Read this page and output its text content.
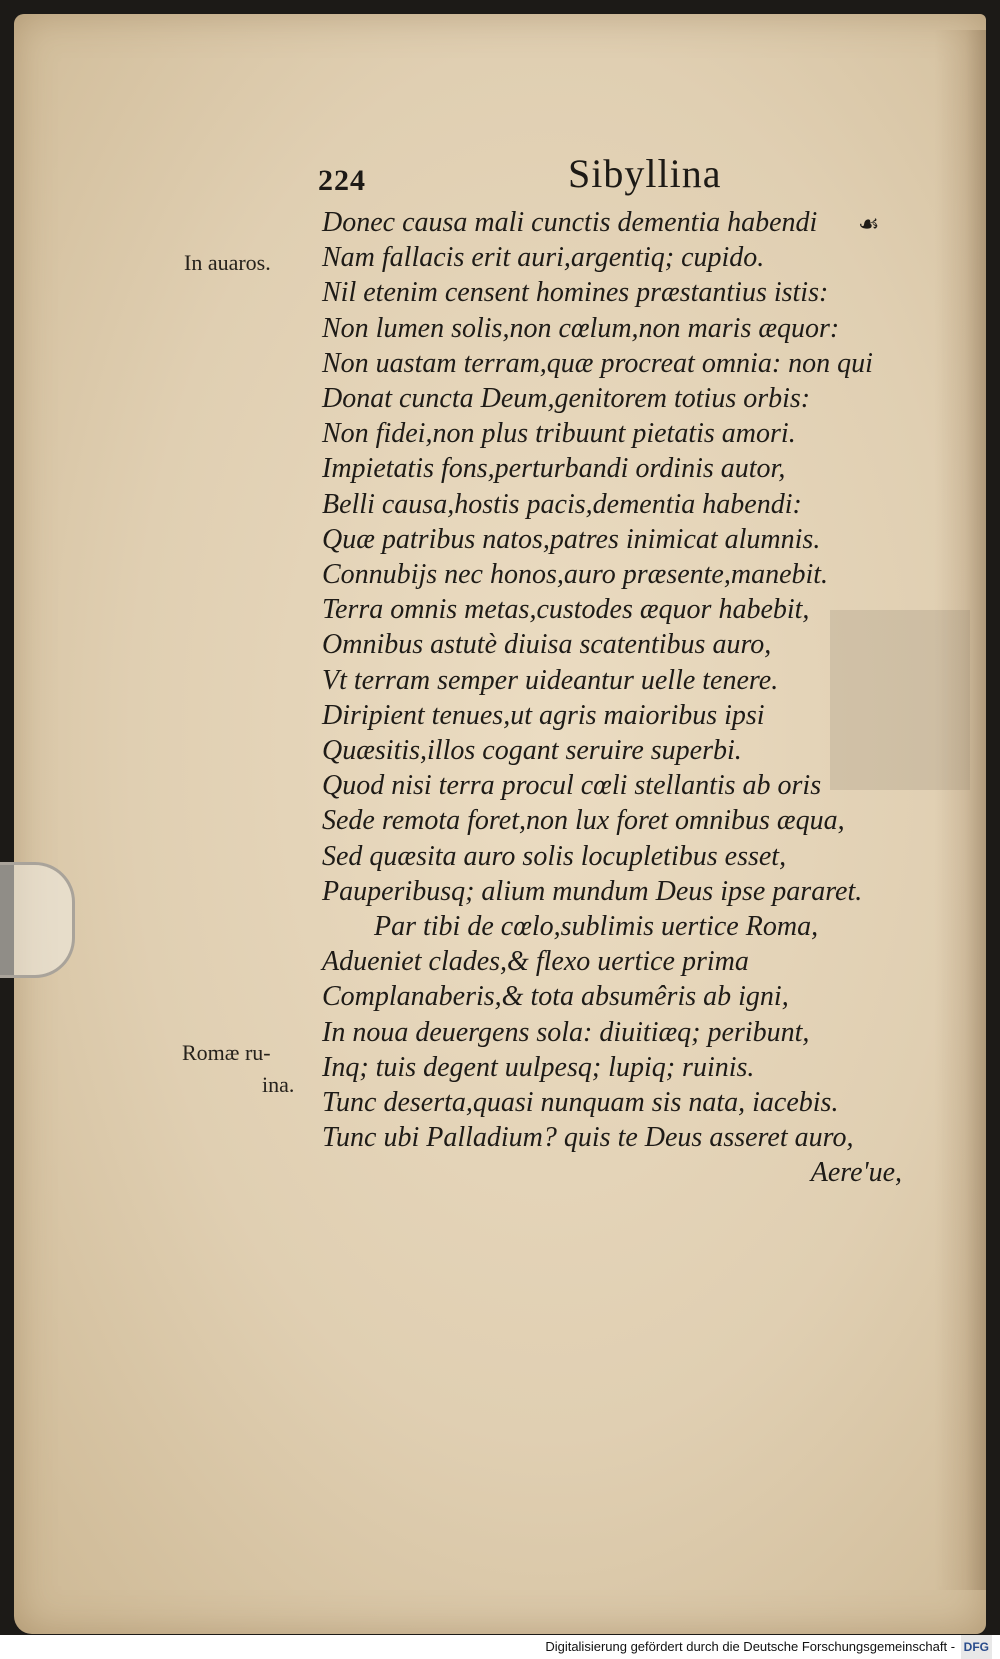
224	Sibyllina
☙
In auaros.
Romæ ru-
ina.
Donec causa mali cunctis dementia habendi
Nam fallacis erit auri,argentiq; cupido.
Nil etenim censent homines præstantius istis:
Non lumen solis,non cœlum,non maris æquor:
Non uastam terram,quæ procreat omnia: non qui
Donat cuncta Deum,genitorem totius orbis:
Non fidei,non plus tribuunt pietatis amori.
Impietatis fons,perturbandi ordinis autor,
Belli causa,hostis pacis,dementia habendi:
Quæ patribus natos,patres inimicat alumnis.
Connubijs nec honos,auro præsente,manebit.
Terra omnis metas,custodes æquor habebit,
Omnibus astutè diuisa scatentibus auro,
Vt terram semper uideantur uelle tenere.
Diripient tenues,ut agris maioribus ipsi
Quæsitis,illos cogant seruire superbi.
Quod nisi terra procul cœli stellantis ab oris
Sede remota foret,non lux foret omnibus æqua,
Sed quæsita auro solis locupletibus esset,
Pauperibusq; alium mundum Deus ipse pararet.
Par tibi de cœlo,sublimis uertice Roma,
Adueniet clades,& flexo uertice prima
Complanaberis,& tota absumêris ab igni,
In noua deuergens sola: diuitiæq; peribunt,
Inq; tuis degent uulpesq; lupiq; ruinis.
Tunc deserta,quasi nunquam sis nata, iacebis.
Tunc ubi Palladium? quis te Deus asseret auro,
Aere'ue,
Digitalisierung gefördert durch die Deutsche Forschungsgemeinschaft - DFG
